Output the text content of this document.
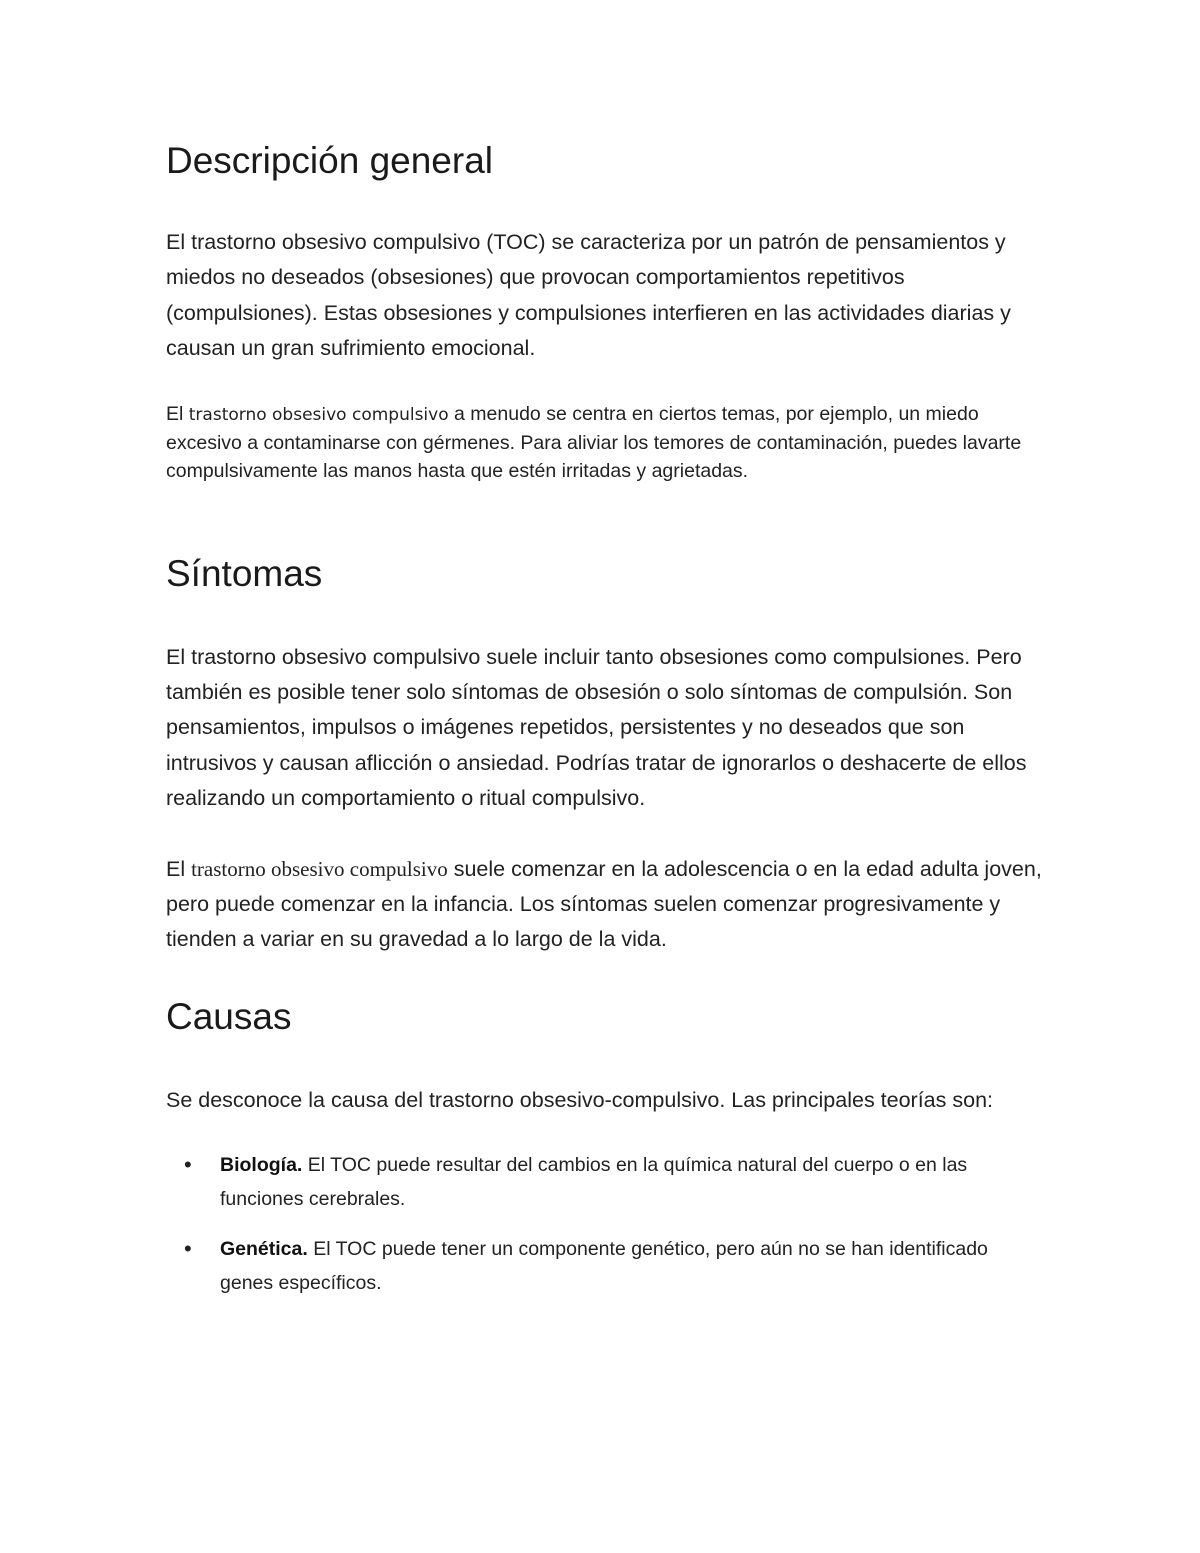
Descripción general

El trastorno obsesivo compulsivo (TOC) se caracteriza por un patrón de pensamientos y miedos no deseados (obsesiones) que provocan comportamientos repetitivos (compulsiones). Estas obsesiones y compulsiones interfieren en las actividades diarias y causan un gran sufrimiento emocional.

El trastorno obsesivo compulsivo a menudo se centra en ciertos temas, por ejemplo, un miedo excesivo a contaminarse con gérmenes. Para aliviar los temores de contaminación, puedes lavarte compulsivamente las manos hasta que estén irritadas y agrietadas.

Síntomas

El trastorno obsesivo compulsivo suele incluir tanto obsesiones como compulsiones. Pero también es posible tener solo síntomas de obsesión o solo síntomas de compulsión. Son pensamientos, impulsos o imágenes repetidos, persistentes y no deseados que son intrusivos y causan aflicción o ansiedad. Podrías tratar de ignorarlos o deshacerte de ellos realizando un comportamiento o ritual compulsivo.

El trastorno obsesivo compulsivo suele comenzar en la adolescencia o en la edad adulta joven, pero puede comenzar en la infancia. Los síntomas suelen comenzar progresivamente y tienden a variar en su gravedad a lo largo de la vida.

Causas

Se desconoce la causa del trastorno obsesivo-compulsivo. Las principales teorías son:

• Biología. El TOC puede resultar del cambios en la química natural del cuerpo o en las funciones cerebrales.
• Genética. El TOC puede tener un componente genético, pero aún no se han identificado genes específicos.
